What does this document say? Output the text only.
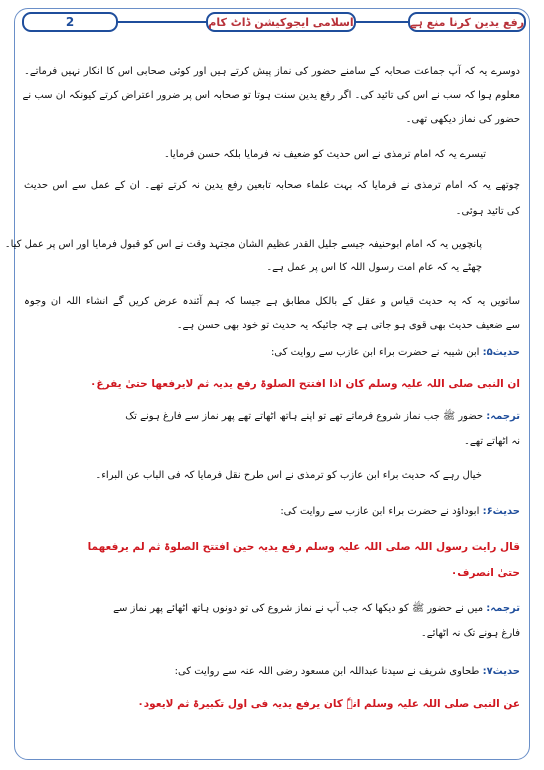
2	اسلامی ایجوکیشن ڈاٹ کام	رفع یدین کرنا منع ہے
دوسرے یہ کہ آپ جماعت صحابہ کے سامنے حضور کی نماز پیش کرتے ہیں اور کوئی صحابی اس کا انکار نہیں فرماتے۔
معلوم ہوا کہ سب نے اس کی تائید کی۔ اگر رفع یدین سنت ہوتا تو صحابہ اس پر ضرور اعتراض کرتے کیونکہ ان سب نے
حضور کی نماز دیکھی تھی۔
تیسرے یہ کہ امام ترمذی نے اس حدیث کو ضعیف نہ فرمایا بلکہ حسن فرمایا۔
چوتھے یہ کہ امام ترمذی نے فرمایا کہ بہت علماء صحابہ تابعین رفع یدین نہ کرتے تھے۔ ان کے عمل سے اس حدیث
کی تائید ہوئی۔
پانچویں یہ کہ امام ابوحنیفہ جیسے جلیل القدر عظیم الشان مجتہد وقت نے اس کو قبول فرمایا اور اس پر عمل کیا۔
چھٹے یہ کہ عام امت رسول اللہ کا اس پر عمل ہے۔
ساتویں یہ کہ یہ حدیث قیاس و عقل کے بالکل مطابق ہے جیسا کہ ہم آئندہ عرض کریں گے انشاء اللہ ان وجوہ
سے ضعیف حدیث بھی قوی ہو جاتی ہے چہ جائیکہ یہ حدیث تو خود بھی حسن ہے۔
حدیث۵: ابن شیبہ نے حضرت براء ابن عازب سے روایت کی:
ان النبی صلی اللہ علیہ وسلم کان اذا افتتح الصلوۃ رفع یدیہ ثم لایرفعھا حتیٰ یفرغ۰
ترجمہ: حضور ﷺ جب نماز شروع فرماتے تھے تو اپنے ہاتھ اٹھاتے تھے پھر نماز سے فارغ ہونے تک
نہ اٹھاتے تھے۔
خیال رہے کہ حدیث براء ابن عازب کو ترمذی نے اس طرح نقل فرمایا کہ فی الباب عن البراء۔
حدیث۶: ابوداؤد نے حضرت براء ابن عازب سے روایت کی:
قال رایت رسول اللہ صلی اللہ علیہ وسلم رفع یدیہ حین افتتح الصلوۃ ثم لم یرفعھما
حتیٰ انصرف۰
ترجمہ: میں نے حضور ﷺ کو دیکھا کہ جب آپ نے نماز شروع کی تو دونوں ہاتھ اٹھائے پھر نماز سے
فارغ ہونے تک نہ اٹھائے۔
حدیث۷: طحاوی شریف نے سیدنا عبداللہ ابن مسعود رضی اللہ عنہ سے روایت کی:
عن النبی صلی اللہ علیہ وسلم انہٗ کان یرفع یدیہ فی اول تکبیرۃ ثم لایعود۰
